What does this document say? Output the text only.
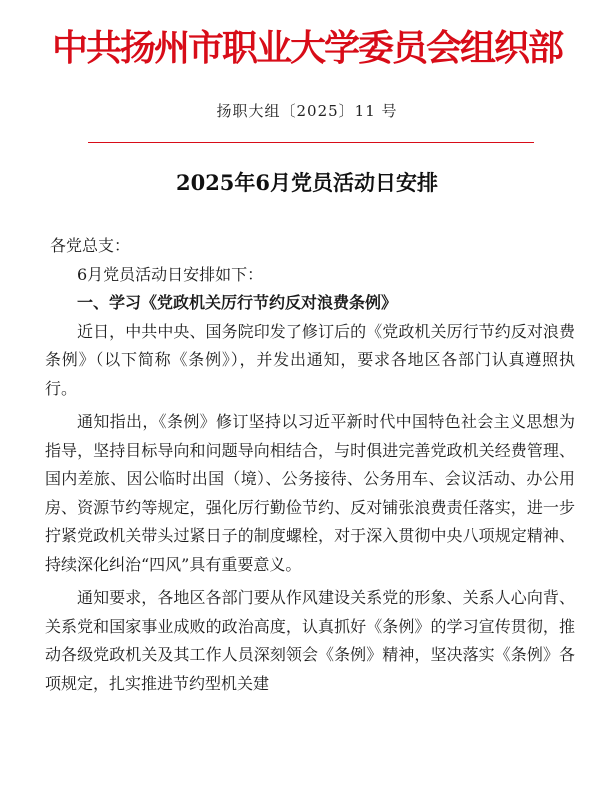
中共扬州市职业大学委员会组织部
扬职大组〔2025〕11 号
2025年6月党员活动日安排

各党总支：

6月党员活动日安排如下：

一、学习《党政机关厉行节约反对浪费条例》

近日，中共中央、国务院印发了修订后的《党政机关厉行节约反对浪费条例》（以下简称《条例》），并发出通知，要求各地区各部门认真遵照执行。

通知指出，《条例》修订坚持以习近平新时代中国特色社会主义思想为指导，坚持目标导向和问题导向相结合，与时俱进完善党政机关经费管理、国内差旅、因公临时出国（境）、公务接待、公务用车、会议活动、办公用房、资源节约等规定，强化厉行勤俭节约、反对铺张浪费责任落实，进一步拧紧党政机关带头过紧日子的制度螺栓，对于深入贯彻中央八项规定精神、持续深化纠治“四风”具有重要意义。

通知要求，各地区各部门要从作风建设关系党的形象、关系人心向背、关系党和国家事业成败的政治高度，认真抓好《条例》的学习宣传贯彻，推动各级党政机关及其工作人员深刻领会《条例》精神，坚决落实《条例》各项规定，扎实推进节约型机关建
